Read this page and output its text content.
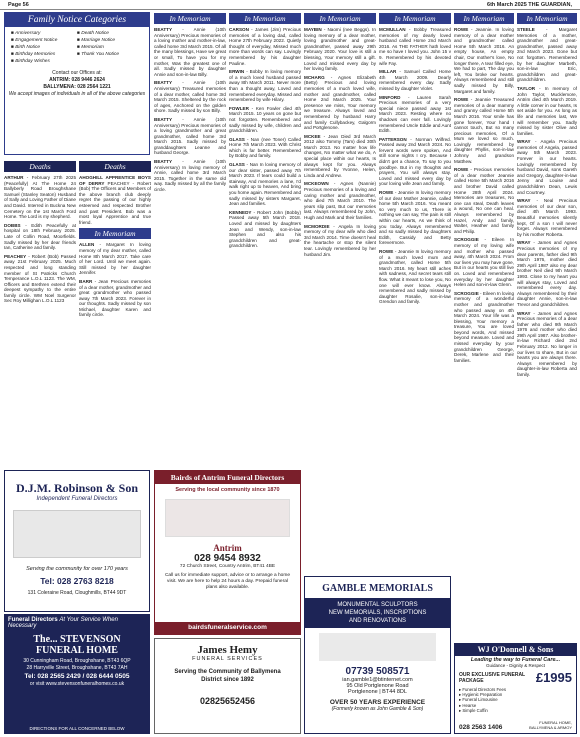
Page 56	6th March 2025 THE GUARDIAN,
Family Notice Categories
■ Anniversary	■ Death Notice
■ Engagement Notice	■ Marriage Notice
■ Birth Notice	■ Memoriam
■ Birthday Memories	■ Thank You Notice
■ Birthday Wishes
Contact our Offices at:
ANTRIM: 028 9446 2624
BALLYMENA: 028 2564 1221
We accept images of individuals in all of the above categories
Deaths
ARTHUR - February 27th 2025 (Peacefully) At The Home 24 Ballyberly Road Broughshane Samuel (Stanley Seaton) Husband of Sally and Loving Father of Diane and David. Interred in Buckna New Cemetery on the 1st March Ford Home. The Lord is my shepherd.
DOBBS - Edith Peacefully at hospital on 18th February 2025. Late of Collin Road, Moorfields. Sadly missed by her dear friends Ian, Catherine and family.
PEACHEY - Robert (Bob) Passed away 21st February 2025. Much respected and long standing member of St Patricks Church Temperance L.O.L 1123. The WM, Officers and Brethren extend their deepest sympathy to the entire family circle. WM Noel Surgenor Sec Roy Millighan L.O.L 1123
Deaths
AHOGHILL APPRENTICE BOYS OF DERRY PEACHEY - Robert (Bob) The Officers and Members of the above branch club deeply regret the passing of our highly esteemed and respected Brother and past President. Bob was a most loyal Apprentice and true friend.
In Memoriam
ALLEN - Margaret In loving memory of my dear mother, called Home 8th March 2017. Take care of her Lord. Until we meet again. Still missed by her daughter Jennifer.
BARR - Jean Precious memories of a dear mother, grandmother and great grandmother who passed away 7th March 2023. Forever in our thoughts. Sadly missed by son Michael, daughter Karen and family circle.
In Memoriam
BEATTY - Annie (10th Anniversary) Precious memories of a loving mother and mother-in-law, called home 3rd March 2015. Of all the many blessings, Have we great or small, To have you for my mother, Was the greatest one of all. Sadly missed by daughter Annie and son-in-law Billy.
BEATTY - Annie (10th Anniversary) Treasured memories of a dear mother, called home 3rd March 2015. Sheltered by the rock of ages, Anchored on the golden shore. Sadly missed by son Billy.
BEATTY - Annie (10th Anniversary) Precious memories of a loving grandmother and great grandmother, called home 3rd March 2015. Sadly missed by granddaughters Leanne and husband George.
BEATTY - Annie (10th Anniversary) In loving memory of Annie, called home 3rd March 2015. Together in the same old way. Sadly missed by all the family circle.
In Memoriam
CARSON - James (Jim) Precious memories of a loving dad, called Home 27th February 2022. Quietly thought of everyday, Missed much more than words can say. Lovingly remembered by his daughter Pauline.
ERWIN - Bobby In loving memory of a much loved husband passed away 8th March 2011. Never more than a thought away, Loved and remembered everyday. Missed and remembered by wife Hilary.
FOWLER - Ken Fowler died 4th March 2015. 10 years on gone but not forgotten. Remembered and sadly missed by wife, children and grandchildren.
GLASS - Nan (nee Toner) Called Home 7th March 2023. With Christ which is far better. Remembered by Bobby and family.
GLASS - Nan In loving memory of our dear sister, passed away 7th March 2023. If tears could build a stairway, And memories a lane, I'd walk right up to heaven, And bring you home again. Remembered and sadly missed by sisters Margaret, Jean and families.
KENNEDY - Robert John (Bobby) Passed away 5th March 2018. Loved and missed by daughters Jean and Wendy, son-in-law Stephen and also his grandchildren and great-grandchildren.
In Memoriam
MAYBIN - Naomi (nee Beggs). In loving memory of a dear mother, loving grandmother and great-grandmother, passed away 29th February 2020. Your love is still a blessing, Your memory still a gift. Loved and missed every day by her loving family.
MCHARG - Agnes Elizabeth (Betty) Precious and loving memories of a much loved wife, mother and grandmother, called Home 2nd March 2025. Your presence we miss, Your memory we treasure. Always loved and remembered by husband Harry and family Cullybackey, Galgorm and Portglenone.
MCKEE - Jean Died 3rd March 2012 also Tommy (Tam) died 30th March 2013. No matter how life changes, No matter what we do, A special place within our hearts, Is always kept for you. Always remembered by Yvonne, Helen, Linda and Andrew.
MCKEOWN - Agnes (Nannie) Precious memories of a loving and caring mother and grandmother, who died 7th March 2010. The years slip past, But our memories last. Always remembered by John, Hugh and Mark and their families.
MCMORDIE - Angela In loving memory of my dear wife who died 3rd March 2014. Time doesn't heal the heartache or stop the silent tear. Lovingly remembered by her husband Jim.
In Memoriam
MCMULLAN - Bobby Treasured memories of my dearly loved husband called Home 2nd March 2016. As THE FATHER hath loved me so have I loved you. John 15 v 9. Remembered by his devoted wife Fay.
MILLAR - Samuel Called Home 4th March 2009. Dearly remembered every day. Sadly missed by daughter Violet.
MINFORD - Lauren Sarah Precious memories of a very special niece passed away 1st March 2023. Resting where no shadows can ever fall. Lovingly remembered Uncle Eddie and Aunt Edith.
PATTERSON - Norman Wilfred. Passed away 2nd March 2024. No fervent words were spoken, And still some nights I cry. Because I didn't get a chance, To say to you goodbye. But in my thoughts and prayers, You will always stay. Loved and missed every day by your loving wife Jean and family.
ROWE - Jeannie In loving memory of our dear Mother Jeannie, called home 5th March 2016. You meant so very much to us, There is nothing we can say, The pain is still within our hearts, As we think of you today. Always remembered and so sadly missed by daughters Edith, Cassidy and Betty forevermore.
ROWE - Jeannie In loving memory of a much loved mum and grandmother, called Home 5th March 2016. My heart still aches with sadness, And secret tears still flow. What it meant to lose you, No one will ever know. Always remembered and sadly missed by daughter Rosalie, son-in-law Grendon and family.
In Memoriam
ROWE - Jeannie. In loving memory of a dear mother and grandmother called Home 5th March 2016. An empty house, An empty chair, Our mother's love, No longer there, A tear filled eye, We had to part, The day you left, You broke our hearts. Always remembered and still sadly missed by Billy, Margaret and family.
ROWE - Jeannie Treasured memories of a dear mammy and granny called Home 5th March 2016. Your smile has gone forever, Your hand I cannot touch, But so many precious memories, Of a Mum we loved so much. Lovingly remembered by daughter Phyllis, son-in-law Johnny and grandson Matthew.
ROWE - Precious memories of a dear mother Jeannie called Home 5th March 2016 and brother David called Home 28th April 2024. Memories are treasures, No one can steal, Death leaves a wound, No one can heal. Always remembered by Hazel, Andy and family, Walter, Heather and family and Philip.
SCROGGIE - Eileen In memory of my loving wife and mother who passed away, 4th March 2024. From our lives you may have gone, But in our hearts you still live on. Loved and remembered everyday by her daughter Helen and son-in-law Glenn.
SCROGGIE - Eileen In loving memory of a wonderful mother and grandmother who passed away on 4th March 2024. Your life was a blessing, Your memory a treasure, You are loved beyond words, And missed beyond measure. Loved and missed everyday by your grandchildren George, Derek, Marlene and their families.
In Memoriam
STEELE - Margaret Memories of a mother, grandmother and great-grandmother, passed away 2nd March 2023. Gone but not forgotten. Remembered by her daughter Marbeth, son-in-law Eric, grandchildren and great-grandchildren.
TAYLOR - In memory of John Taylor, Mucklemore, Antrim died 4th March 2019. A little corner in our hearts, Is set aside for you. As long as life and memories last, We will remember you. Sadly missed by sister Olive and families.
WRAY - Angela Precious memories of Angela, passed away 5th March 2023. Forever in our hearts. Lovingly remembered by husband David, sons Gareth and Gregory, daughter-in-law Jenny and Louise and grandchildren Dean, Lewis and Courtney.
WRAY - Neal Precious memories of our dear son, died 4th March 1993. Beautiful memories silently kept, Of a son I will never forget. Always remembered by his mother Roberta.
WRAY - James and Agnes Precious memories of my dear parents, father died 9th March 1976, mother died 29th April 1987 also my dear brother Neil died 9th March 1993. Close to my heart you will always stay, Loved and remembered every day. Always remembered by their daughter Annie, son-in-law Trevor and grandchildren.
WRAY - James and Agnes Precious memories of a dear father who died 9th March 1976 and mother who died 29th April 1987. Also brother-in-law Richard died 2nd February 2012. No longer in our lives to share, But in our hearts you are always there. Always remembered by daughter-in-law Roberta and family.
D.J.M. Robinson & Son
Independent Funeral Directors
Serving the community for over 170 years
Tel: 028 2763 8218
131 Coleraine Road, Cloughmills, BT44 9DT
Funeral Directors At Your Service When Necessary
The... STEVENSON FUNERAL HOME
30 Cunningham Road, Broughshane, BT43 6QP
28 Harryville Street, Broughshane, BT43 7AH
Tel: 028 2565 2429 / 028 6444 0505
or visit www.stevensonfuneralhomes.co.uk
DIRECTIONS FOR ALL CONCERNED BELOW
Bairds of Antrim Funeral Directors
Serving the local community since 1870
Antrim
028 9454 8932
72 Church Street, Country Antrim, BT41 4BE
Call us for immediate support, advice or to arrange a home visit. We are here to help 24 hours a day. Prepaid funeral plans also available.
bairdsfuneralservice.com
James Hemy
FUNERAL SERVICES
Serving the Community of Ballymena District since 1892
02825652456
GAMBLE MEMORIALS
MONUMENTAL SCULPTORS
NEW MEMORIALS, INSCRIPTIONS
AND RENOVATIONS
07739 508571
ian.gamble1@btinternet.com
95 Old Portglenone Road
Portglenone | BT44 8DL
OVER 50 YEARS EXPERIENCE
(Formerly known as John Gamble & Son)
WJ O'Donnell & Sons
Leading the way to Funeral Care...
Guidance - Dignity & Respect
OUR EXCLUSIVE FUNERAL PACKAGE	£1995
▸ Funeral Directors Fees
▸ Hygienic Preparation
▸ Funeral Limousine
▸ Hearse
▸ Simple Coffin
028 2563 1406
FUNERAL HOME, BALLYMENA & ARMOY
